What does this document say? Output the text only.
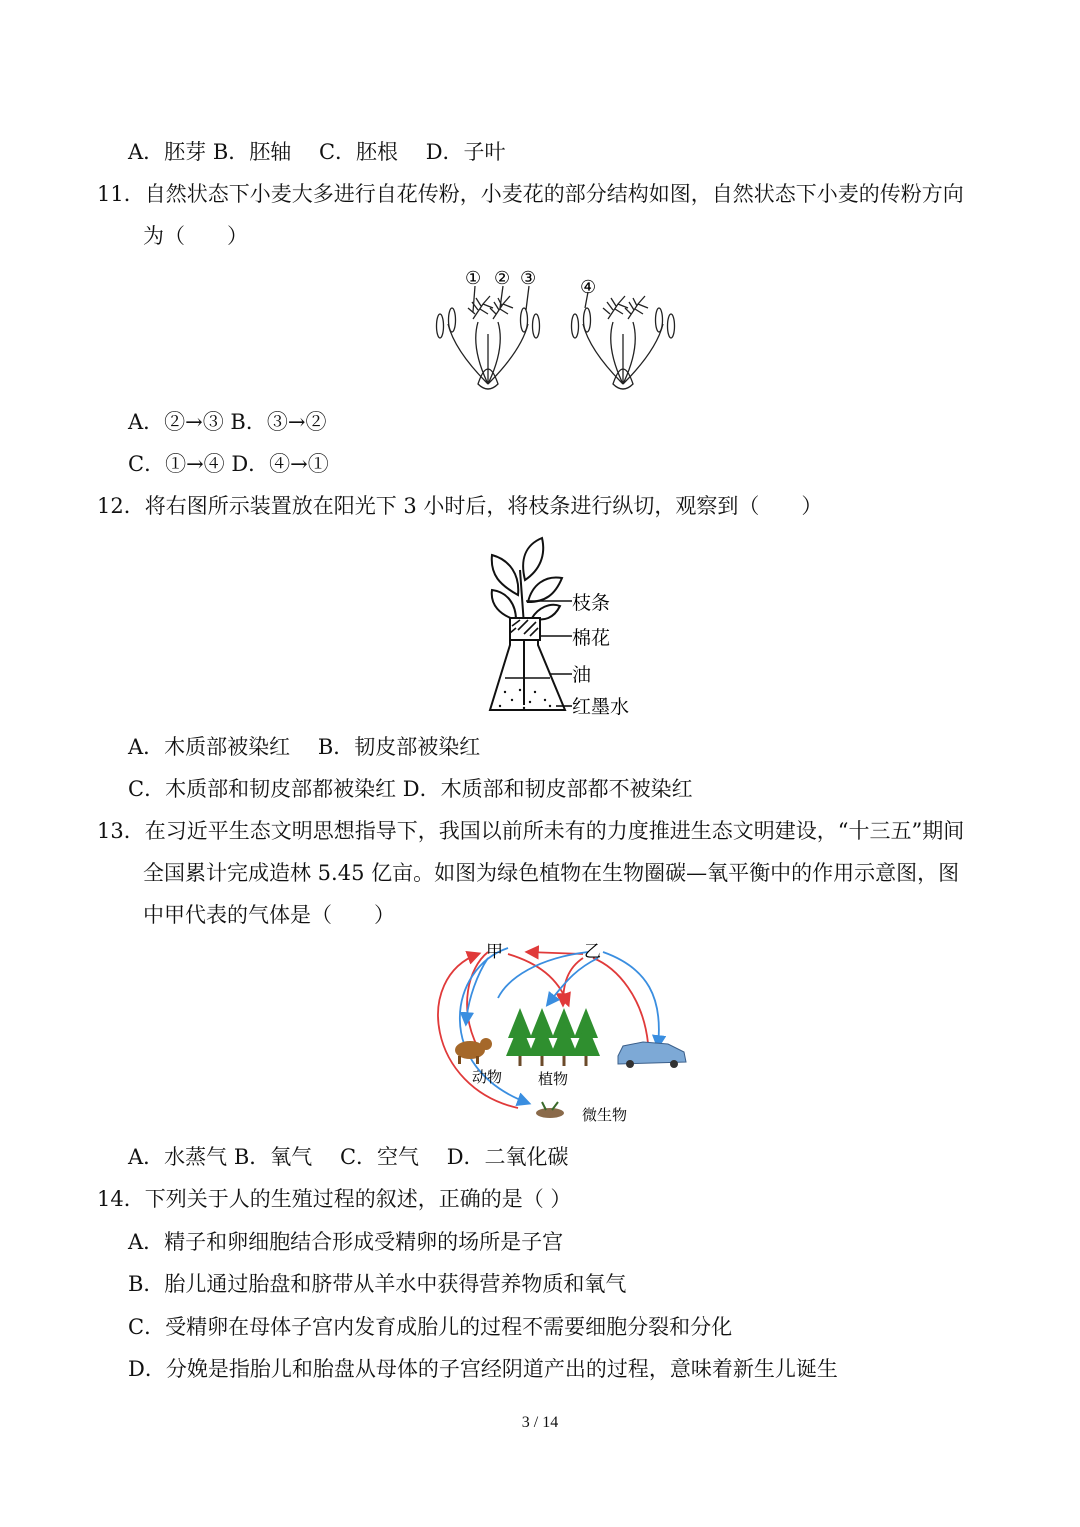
A．胚芽 B．胚轴　 C．胚根　 D．子叶
11．自然状态下小麦大多进行自花传粉，小麦花的部分结构如图，自然状态下小麦的传粉方向
为（　　）
① ② ③ ④
A．②→③ B．③→②
C．①→④ D．④→①
12．将右图所示装置放在阳光下 3 小时后，将枝条进行纵切，观察到（　　）
枝条
棉花
油
红墨水
A．木质部被染红　 B．韧皮部被染红
C．木质部和韧皮部都被染红 D．木质部和韧皮部都不被染红
13．在习近平生态文明思想指导下，我国以前所未有的力度推进生态文明建设，“十三五”期间
全国累计完成造林 5.45 亿亩。如图为绿色植物在生物圈碳—氧平衡中的作用示意图，图
中甲代表的气体是（　　）
甲	乙
动物 植物
微生物
A．水蒸气 B．氧气　 C．空气　 D．二氧化碳
14．下列关于人的生殖过程的叙述，正确的是（ ）
A．精子和卵细胞结合形成受精卵的场所是子宫
B．胎儿通过胎盘和脐带从羊水中获得营养物质和氧气
C．受精卵在母体子宫内发育成胎儿的过程不需要细胞分裂和分化
D．分娩是指胎儿和胎盘从母体的子宫经阴道产出的过程，意味着新生儿诞生
3 / 14
